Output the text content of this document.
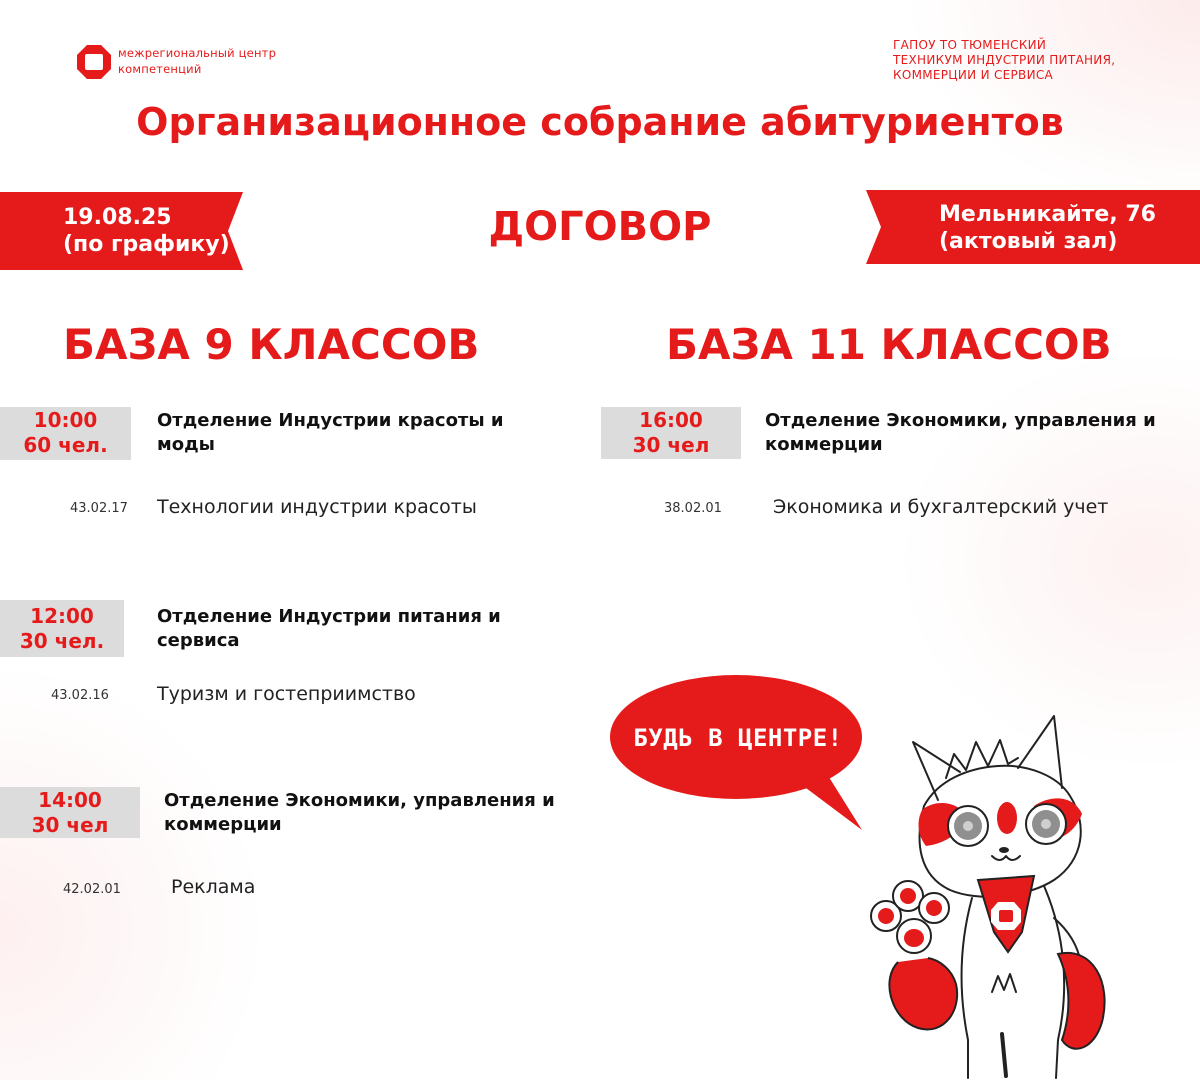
межрегиональный центр
компетенций
ГАПОУ ТО ТЮМЕНСКИЙ
ТЕХНИКУМ ИНДУСТРИИ ПИТАНИЯ,
КОММЕРЦИИ И СЕРВИСА
Организационное собрание абитуриентов
19.08.25
(по графику)	ДОГОВОР	Мельникайте, 76
(актовый зал)
БАЗА 9 КЛАССОВ	БАЗА 11 КЛАССОВ
10:00
60 чел.
Отделение Индустрии красоты и
моды
43.02.17 Технологии индустрии красоты
12:00
30 чел.
Отделение Индустрии питания и
сервиса
43.02.16	Туризм и гостеприимство
14:00
30 чел
Отделение Экономики, управления и
коммерции
42.02.01	Реклама
16:00
30 чел
Отделение Экономики, управления и
коммерции
38.02.01	Экономика и бухгалтерский учет
БУДЬ В ЦЕНТРЕ!
